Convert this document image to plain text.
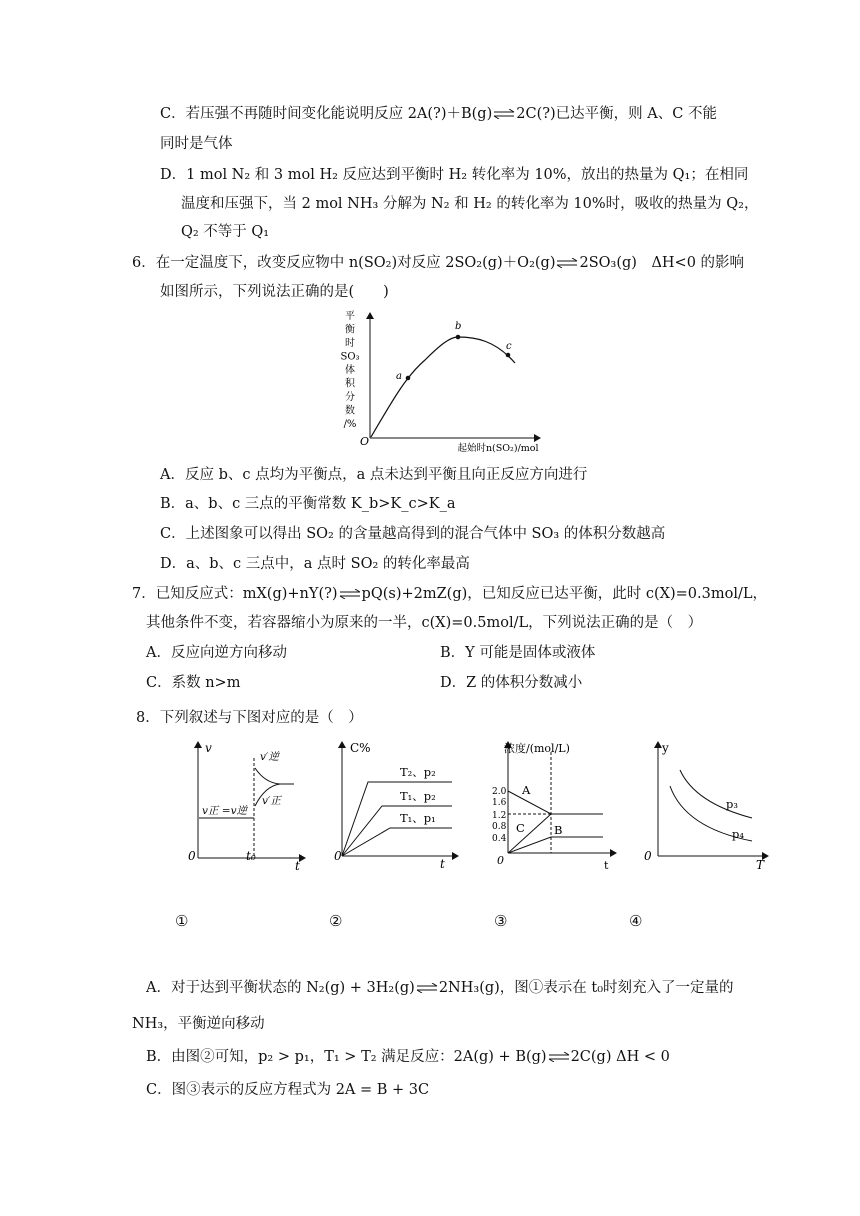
C．若压强不再随时间变化能说明反应 2A(?)＋B(g) 2C(?)已达平衡，则 A、C 不能
同时是气体
D．1 mol N₂ 和 3 mol H₂ 反应达到平衡时 H₂ 转化率为 10%，放出的热量为 Q₁；在相同
温度和压强下，当 2 mol NH₃ 分解为 N₂ 和 H₂ 的转化率为 10%时，吸收的热量为 Q₂，
Q₂ 不等于 Q₁
6．在一定温度下，改变反应物中 n(SO₂)对反应 2SO₂(g)＋O₂(g) 2SO₃(g)　ΔH<0 的影响
如图所示，下列说法正确的是(　　)
平
衡
时
SO₃
体
积
分
数
/%
O
起始时n(SO₂)/mol
a
b
c
A．反应 b、c 点均为平衡点，a 点未达到平衡且向正反应方向进行
B．a、b、c 三点的平衡常数 K_b>K_c>K_a
C．上述图象可以得出 SO₂ 的含量越高得到的混合气体中 SO₃ 的体积分数越高
D．a、b、c 三点中，a 点时 SO₂ 的转化率最高
7．已知反应式：mX(g)+nY(?) pQ(s)+2mZ(g)，已知反应已达平衡，此时 c(X)=0.3mol/L，
其他条件不变，若容器缩小为原来的一半，c(X)=0.5mol/L，下列说法正确的是（　）
A．反应向逆方向移动	B．Y 可能是固体或液体
C．系数 n>m	D．Z 的体积分数减小
8．下列叙述与下图对应的是（　）
v
t
0	t₀
v′逆
v′正
v正 =v逆
C%
t
0
T₂、p₂
T₁、p₂
T₁、p₁
浓度/(mol/L)
t
0
2.0
1.6
1.2
0.8
0.4
A
C	B
y
T
0
p₃
p₄
①	②	③	④
A．对于达到平衡状态的 N₂(g) + 3H₂(g) 2NH₃(g)，图①表示在 t₀时刻充入了一定量的
NH₃，平衡逆向移动
B．由图②可知，p₂ > p₁，T₁ > T₂ 满足反应：2A(g) + B(g) 2C(g) ΔH < 0
C．图③表示的反应方程式为 2A = B + 3C
